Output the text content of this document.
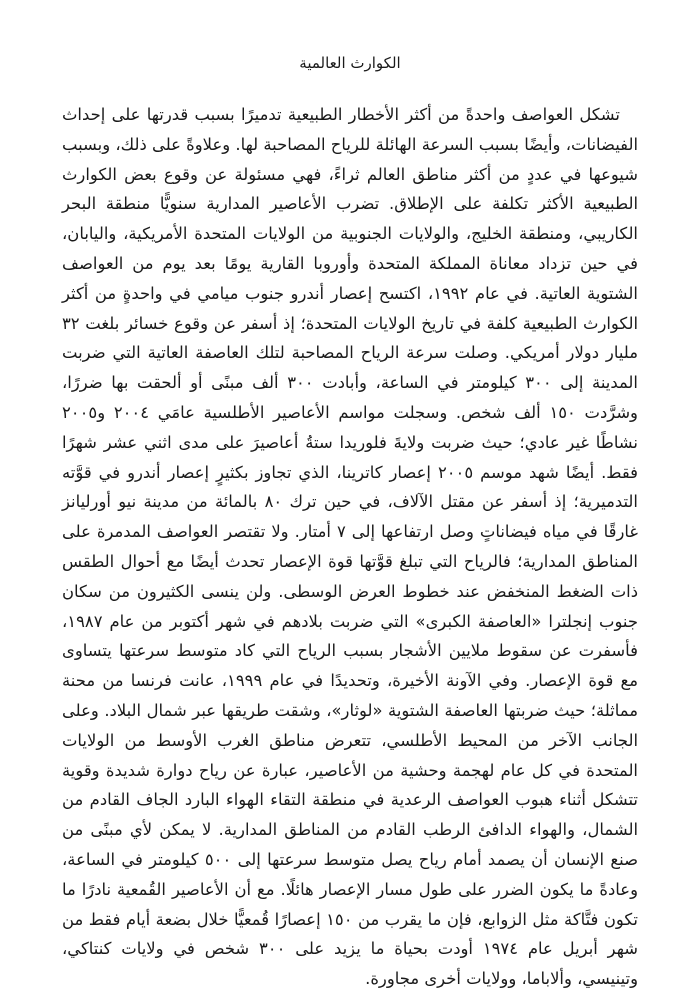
الكوارث العالمية

تشكل العواصف واحدةً من أكثر الأخطار الطبيعية تدميرًا بسبب قدرتها على إحداث الفيضانات، وأيضًا بسبب السرعة الهائلة للرياح المصاحبة لها. وعلاوةً على ذلك، وبسبب شيوعها في عددٍ من أكثر مناطق العالم ثراءً، فهي مسئولة عن وقوع بعض الكوارث الطبيعية الأكثر تكلفة على الإطلاق. تضرب الأعاصير المدارية سنويًّا منطقة البحر الكاريبي، ومنطقة الخليج، والولايات الجنوبية من الولايات المتحدة الأمريكية، واليابان، في حين تزداد معاناة المملكة المتحدة وأوروبا القارية يومًا بعد يوم من العواصف الشتوية العاتية. في عام ١٩٩٢، اكتسح إعصار أندرو جنوب ميامي في واحدةٍ من أكثر الكوارث الطبيعية كلفة في تاريخ الولايات المتحدة؛ إذ أسفر عن وقوع خسائر بلغت ٣٢ مليار دولار أمريكي. وصلت سرعة الرياح المصاحبة لتلك العاصفة العاتية التي ضربت المدينة إلى ٣٠٠ كيلومتر في الساعة، وأبادت ٣٠٠ ألف مبنًى أو ألحقت بها ضررًا، وشرَّدت ١٥٠ ألف شخص. وسجلت مواسم الأعاصير الأطلسية عامَي ٢٠٠٤ و٢٠٠٥ نشاطًا غير عادي؛ حيث ضربت ولايةَ فلوريدا ستةُ أعاصيرَ على مدى اثني عشر شهرًا فقط. أيضًا شهد موسم ٢٠٠٥ إعصار كاترينا، الذي تجاوز بكثيرٍ إعصار أندرو في قوَّته التدميرية؛ إذ أسفر عن مقتل الآلاف، في حين ترك ٨٠ بالمائة من مدينة نيو أورليانز غارقًا في مياه فيضاناتٍ وصل ارتفاعها إلى ٧ أمتار. ولا تقتصر العواصف المدمرة على المناطق المدارية؛ فالرياح التي تبلغ قوَّتها قوة الإعصار تحدث أيضًا مع أحوال الطقس ذات الضغط المنخفض عند خطوط العرض الوسطى. ولن ينسى الكثيرون من سكان جنوب إنجلترا «العاصفة الكبرى» التي ضربت بلادهم في شهر أكتوبر من عام ١٩٨٧، فأسفرت عن سقوط ملايين الأشجار بسبب الرياح التي كاد متوسط سرعتها يتساوى مع قوة الإعصار. وفي الآونة الأخيرة، وتحديدًا في عام ١٩٩٩، عانت فرنسا من محنة مماثلة؛ حيث ضربتها العاصفة الشتوية «لوثار»، وشقت طريقها عبر شمال البلاد. وعلى الجانب الآخر من المحيط الأطلسي، تتعرض مناطق الغرب الأوسط من الولايات المتحدة في كل عام لهجمة وحشية من الأعاصير، عبارة عن رياح دوارة شديدة وقوية تتشكل أثناء هبوب العواصف الرعدية في منطقة التقاء الهواء البارد الجاف القادم من الشمال، والهواء الدافئ الرطب القادم من المناطق المدارية. لا يمكن لأي مبنًى من صنع الإنسان أن يصمد أمام رياح يصل متوسط سرعتها إلى ٥٠٠ كيلومتر في الساعة، وعادةً ما يكون الضرر على طول مسار الإعصار هائلًا. مع أن الأعاصير القُمعية نادرًا ما تكون فتَّاكة مثل الزوابع، فإن ما يقرب من ١٥٠ إعصارًا قُمعيًّا خلال بضعة أيام فقط من شهر أبريل عام ١٩٧٤ أودت بحياة ما يزيد على ٣٠٠ شخص في ولايات كنتاكي، وتينيسي، وألاباما، وولايات أخرى مجاورة.
